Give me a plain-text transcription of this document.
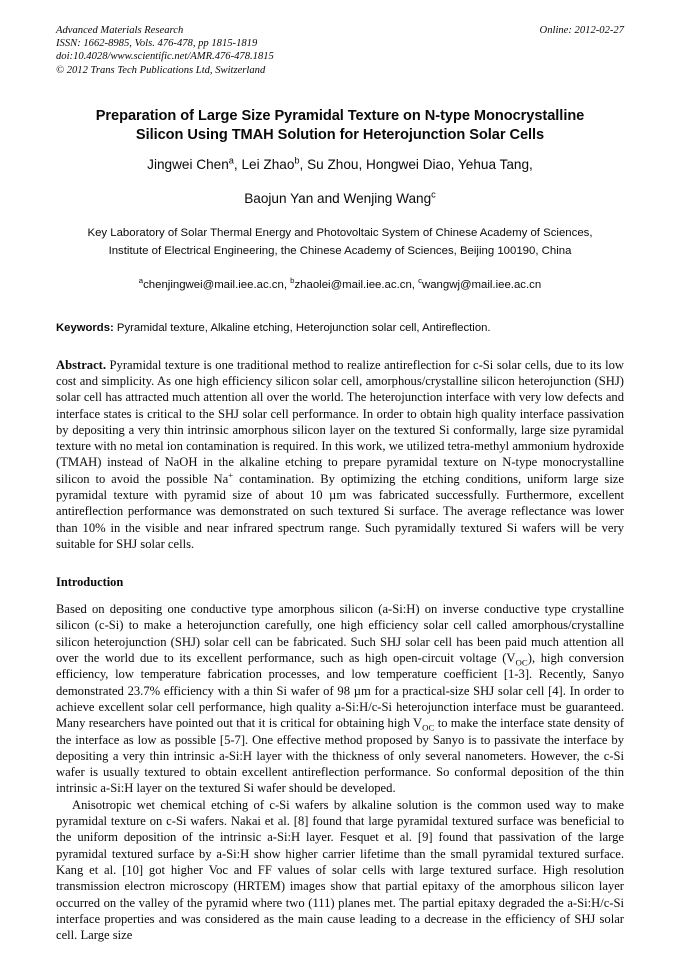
Advanced Materials Research
ISSN: 1662-8985, Vols. 476-478, pp 1815-1819
doi:10.4028/www.scientific.net/AMR.476-478.1815
© 2012 Trans Tech Publications Ltd, Switzerland
Online: 2012-02-27
Preparation of Large Size Pyramidal Texture on N-type Monocrystalline
Silicon Using TMAH Solution for Heterojunction Solar Cells
Jingwei Chen$^a$, Lei Zhao$^b$, Su Zhou, Hongwei Diao, Yehua Tang,
Baojun Yan and Wenjing Wang$^c$
Key Laboratory of Solar Thermal Energy and Photovoltaic System of Chinese Academy of Sciences, Institute of Electrical Engineering, the Chinese Academy of Sciences, Beijing 100190, China
$^a$chenjingwei@mail.iee.ac.cn, $^b$zhaolei@mail.iee.ac.cn, $^c$wangwj@mail.iee.ac.cn
Keywords: Pyramidal texture, Alkaline etching, Heterojunction solar cell, Antireflection.
Abstract. Pyramidal texture is one traditional method to realize antireflection for c-Si solar cells, due to its low cost and simplicity. As one high efficiency silicon solar cell, amorphous/crystalline silicon heterojunction (SHJ) solar cell has attracted much attention all over the world. The heterojunction interface with very low defects and interface states is critical to the SHJ solar cell performance. In order to obtain high quality interface passivation by depositing a very thin intrinsic amorphous silicon layer on the textured Si conformally, large size pyramidal texture with no metal ion contamination is required. In this work, we utilized tetra-methyl ammonium hydroxide (TMAH) instead of NaOH in the alkaline etching to prepare pyramidal texture on N-type monocrystalline silicon to avoid the possible Na+ contamination. By optimizing the etching conditions, uniform large size pyramidal texture with pyramid size of about 10 µm was fabricated successfully. Furthermore, excellent antireflection performance was demonstrated on such textured Si surface. The average reflectance was lower than 10% in the visible and near infrared spectrum range. Such pyramidally textured Si wafers will be very suitable for SHJ solar cells.
Introduction
Based on depositing one conductive type amorphous silicon (a-Si:H) on inverse conductive type crystalline silicon (c-Si) to make a heterojunction carefully, one high efficiency solar cell called amorphous/crystalline silicon heterojunction (SHJ) solar cell can be fabricated. Such SHJ solar cell has been paid much attention all over the world due to its excellent performance, such as high open-circuit voltage $(V_{OC})$, high conversion efficiency, low temperature fabrication processes, and low temperature coefficient [1-3]. Recently, Sanyo demonstrated 23.7% efficiency with a thin Si wafer of 98 µm for a practical-size SHJ solar cell [4]. In order to achieve excellent solar cell performance, high quality a-Si:H/c-Si heterojunction interface must be guaranteed. Many researchers have pointed out that it is critical for obtaining high $V_{OC}$ to make the interface state density of the interface as low as possible [5-7]. One effective method proposed by Sanyo is to passivate the interface by depositing a very thin intrinsic a-Si:H layer with the thickness of only several nanometers. However, the c-Si wafer is usually textured to obtain excellent antireflection performance. So conformal deposition of the thin intrinsic a-Si:H layer on the textured Si wafer should be developed.
Anisotropic wet chemical etching of c-Si wafers by alkaline solution is the common used way to make pyramidal texture on c-Si wafers. Nakai et al. [8] found that large pyramidal textured surface was beneficial to the uniform deposition of the intrinsic a-Si:H layer. Fesquet et al. [9] found that passivation of the large pyramidal textured surface by a-Si:H show higher carrier lifetime than the small pyramidal textured surface. Kang et al. [10] got higher Voc and FF values of solar cells with large textured surface. High resolution transmission electron microscopy (HRTEM) images show that partial epitaxy of the amorphous silicon layer occurred on the valley of the pyramid where two (111) planes met. The partial epitaxy degraded the a-Si:H/c-Si interface properties and was considered as the main cause leading to a decrease in the efficiency of SHJ solar cell. Large size
